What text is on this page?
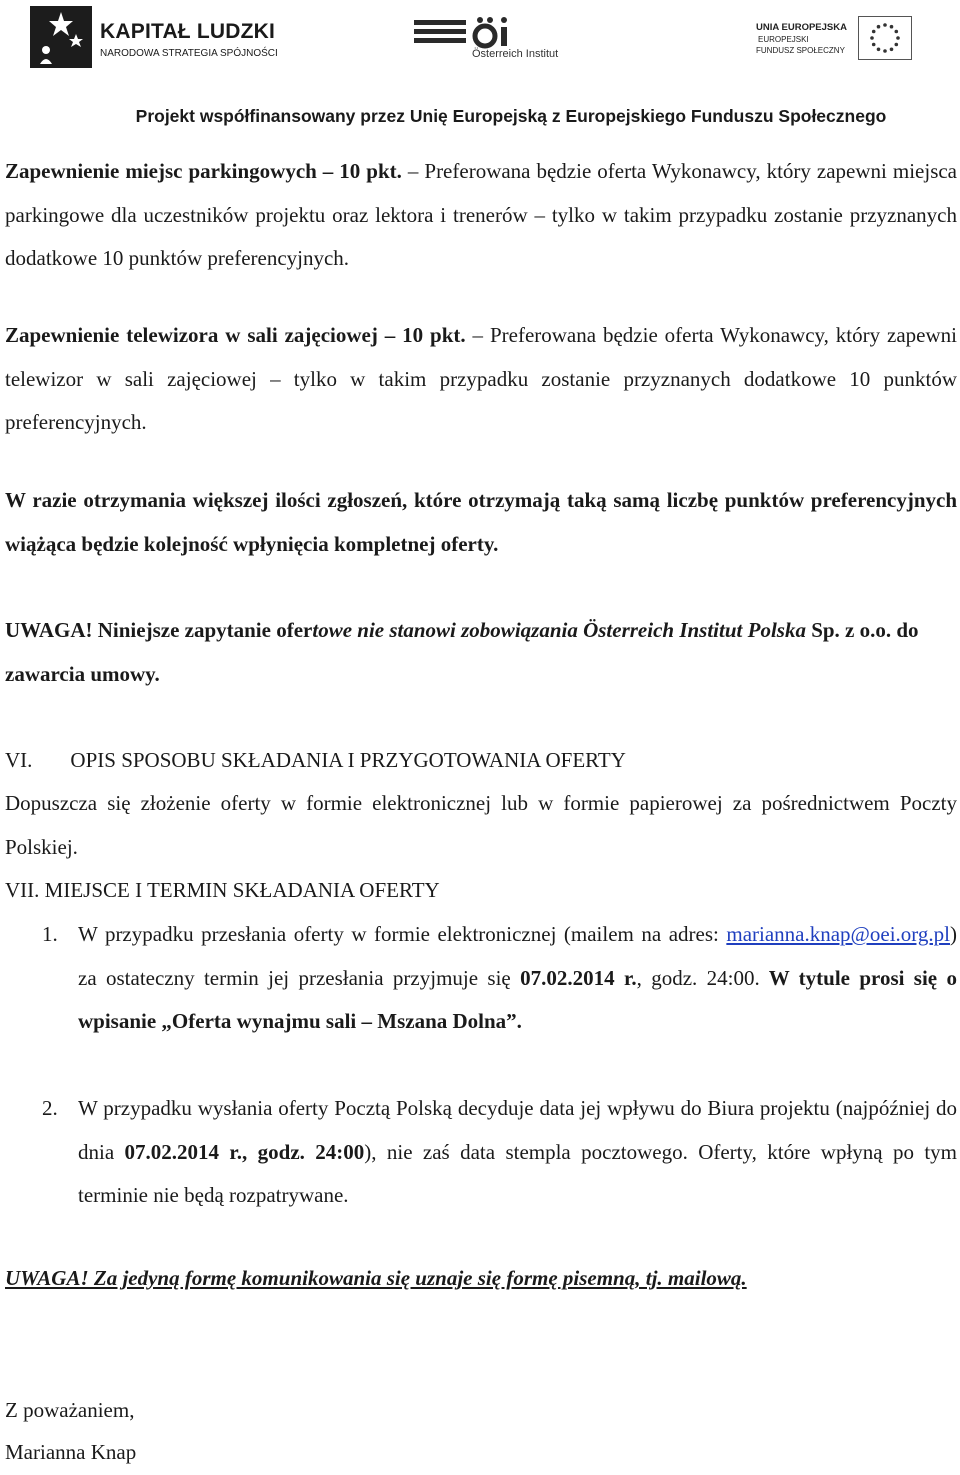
KAPITAŁ LUDZKI
NARODOWA STRATEGIA SPÓJNOŚCI	Österreich Institut
UNIA EUROPEJSKA
EUROPEJSKI
FUNDUSZ SPOŁECZNY
Projekt współfinansowany przez Unię Europejską z Europejskiego Funduszu Społecznego

Zapewnienie miejsc parkingowych – 10 pkt. – Preferowana będzie oferta Wykonawcy, który zapewni miejsca parkingowe dla uczestników projektu oraz lektora i trenerów – tylko w takim przypadku zostanie przyznanych dodatkowe 10 punktów preferencyjnych.

Zapewnienie telewizora w sali zajęciowej – 10 pkt. – Preferowana będzie oferta Wykonawcy, który zapewni telewizor w sali zajęciowej – tylko w takim przypadku zostanie przyznanych dodatkowe 10 punktów preferencyjnych.

W razie otrzymania większej ilości zgłoszeń, które otrzymają taką samą liczbę punktów preferencyjnych wiążąca będzie kolejność wpłynięcia kompletnej oferty.

UWAGA! Niniejsze zapytanie ofertowe nie stanowi zobowiązania Österreich Institut Polska Sp. z o.o. do zawarcia umowy.

VI. OPIS SPOSOBU SKŁADANIA I PRZYGOTOWANIA OFERTY

Dopuszcza się złożenie oferty w formie elektronicznej lub w formie papierowej za pośrednictwem Poczty Polskiej.

VII. MIEJSCE I TERMIN SKŁADANIA OFERTY

1. W przypadku przesłania oferty w formie elektronicznej (mailem na adres: marianna.knap@oei.org.pl) za ostateczny termin jej przesłania przyjmuje się 07.02.2014 r., godz. 24:00. W tytule prosi się o wpisanie „Oferta wynajmu sali – Mszana Dolna”.
2. W przypadku wysłania oferty Pocztą Polską decyduje data jej wpływu do Biura projektu (najpóźniej do dnia 07.02.2014 r., godz. 24:00), nie zaś data stempla pocztowego. Oferty, które wpłyną po tym terminie nie będą rozpatrywane.

UWAGA! Za jedyną formę komunikowania się uznaje się formę pisemną, tj. mailową.

Z poważaniem,

Marianna Knap
